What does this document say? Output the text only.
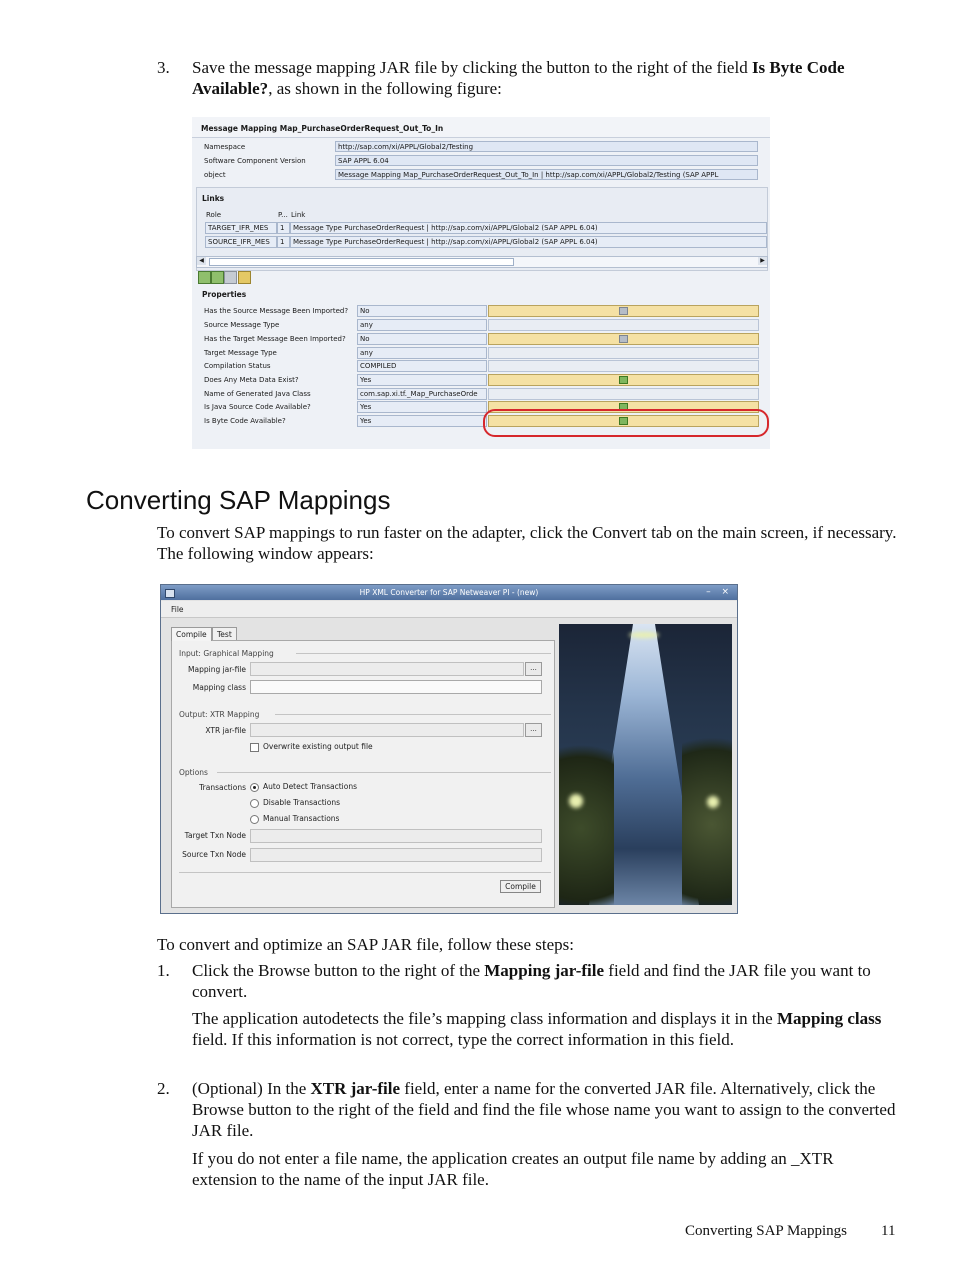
3. Save the message mapping JAR file by clicking the button to the right of the field Is Byte Code Available?, as shown in the following figure:
Message Mapping Map_PurchaseOrderRequest_Out_To_In
Namespace	http://sap.com/xi/APPL/Global2/Testing
Software Component Version	SAP APPL 6.04
object	Message Mapping Map_PurchaseOrderRequest_Out_To_In | http://sap.com/xi/APPL/Global2/Testing (SAP APPL
Links
Role	P... Link
TARGET_IFR_MES	1	Message Type PurchaseOrderRequest | http://sap.com/xi/APPL/Global2 (SAP APPL 6.04)
SOURCE_IFR_MES	1	Message Type PurchaseOrderRequest | http://sap.com/xi/APPL/Global2 (SAP APPL 6.04)
◀	▶
Properties
Has the Source Message Been Imported?	No
Source Message Type	any
Has the Target Message Been Imported?	No
Target Message Type	any
Compilation Status	COMPILED
Does Any Meta Data Exist?	Yes
Name of Generated Java Class	com.sap.xi.tf._Map_PurchaseOrde
Is Java Source Code Available?	Yes
Is Byte Code Available?	Yes
Converting SAP Mappings
To convert SAP mappings to run faster on the adapter, click the Convert tab on the main screen, if necessary. The following window appears:
HP XML Converter for SAP Netweaver PI - (new)	– ×
File
Compile	Test
Input: Graphical Mapping
Mapping jar-file	...
Mapping class
Output: XTR Mapping
XTR jar-file	...
Overwrite existing output file
Options
Transactions Auto Detect Transactions
Disable Transactions
Manual Transactions
Target Txn Node
Source Txn Node
Compile
To convert and optimize an SAP JAR file, follow these steps:
1. Click the Browse button to the right of the Mapping jar-file field and find the JAR file you want to convert.
The application autodetects the file’s mapping class information and displays it in the Mapping class field. If this information is not correct, type the correct information in this field.
2. (Optional) In the XTR jar-file field, enter a name for the converted JAR file. Alternatively, click the Browse button to the right of the field and find the file whose name you want to assign to the converted JAR file.
If you do not enter a file name, the application creates an output file name by adding an _XTR extension to the name of the input JAR file.
Converting SAP Mappings 11
